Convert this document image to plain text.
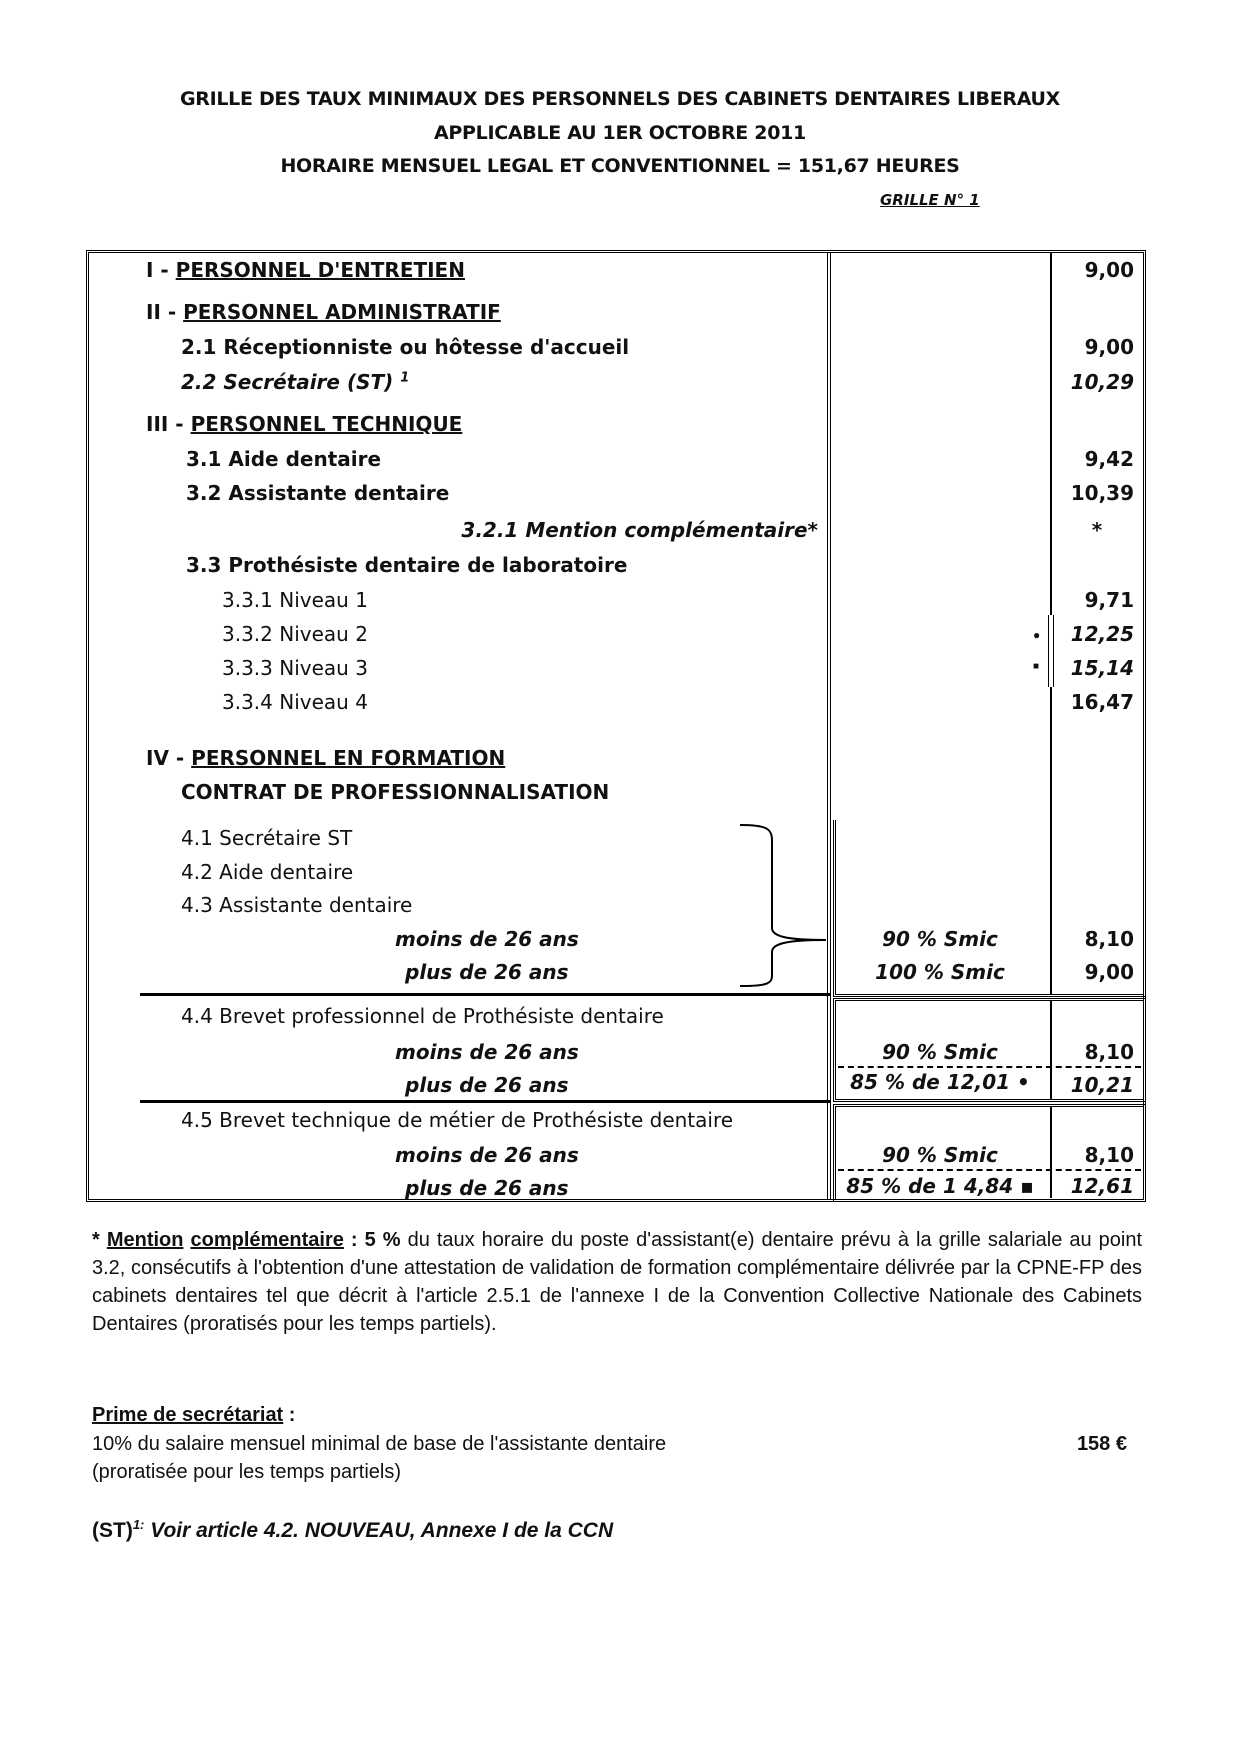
GRILLE DES TAUX MINIMAUX DES PERSONNELS DES CABINETS DENTAIRES LIBERAUX
APPLICABLE AU 1ER OCTOBRE 2011
HORAIRE MENSUEL LEGAL ET CONVENTIONNEL = 151,67 HEURES
GRILLE N° 1
I - PERSONNEL D'ENTRETIEN	9,00
II - PERSONNEL ADMINISTRATIF
2.1 Réceptionniste ou hôtesse d'accueil	9,00
2.2 Secrétaire (ST) $^1$	10,29
III - PERSONNEL TECHNIQUE
3.1 Aide dentaire	9,42
3.2 Assistante dentaire	10,39
3.2.1 Mention complémentaire*	*
3.3 Prothésiste dentaire de laboratoire
3.3.1 Niveau 1	9,71
3.3.2 Niveau 2	●	12,25
3.3.3 Niveau 3	■	15,14
3.3.4 Niveau 4	16,47
IV - PERSONNEL EN FORMATION
CONTRAT DE PROFESSIONNALISATION
4.1 Secrétaire ST
4.2 Aide dentaire
4.3 Assistante dentaire
moins de 26 ans	90 % Smic	8,10
plus de 26 ans	100 % Smic	9,00
4.4 Brevet professionnel de Prothésiste dentaire
moins de 26 ans	90 % Smic	8,10
plus de 26 ans	85 % de 12,01 •	10,21
4.5 Brevet technique de métier de Prothésiste dentaire
moins de 26 ans	90 % Smic	8,10
plus de 26 ans	85 % de 1 4,84 ▪	12,61
* Mention complémentaire : 5 % du taux horaire du poste d'assistant(e) dentaire prévu à la grille salariale au point 3.2, consécutifs à l'obtention d'une attestation de validation de formation complémentaire délivrée par la CPNE-FP des cabinets dentaires tel que décrit à l'article 2.5.1 de l'annexe I de la Convention Collective Nationale des Cabinets Dentaires (proratisés pour les temps partiels).
Prime de secrétariat :
10% du salaire mensuel minimal de base de l'assistante dentaire	158 €
(proratisée pour les temps partiels)
(ST)$^{1:}$ Voir article 4.2. NOUVEAU, Annexe I de la CCN
